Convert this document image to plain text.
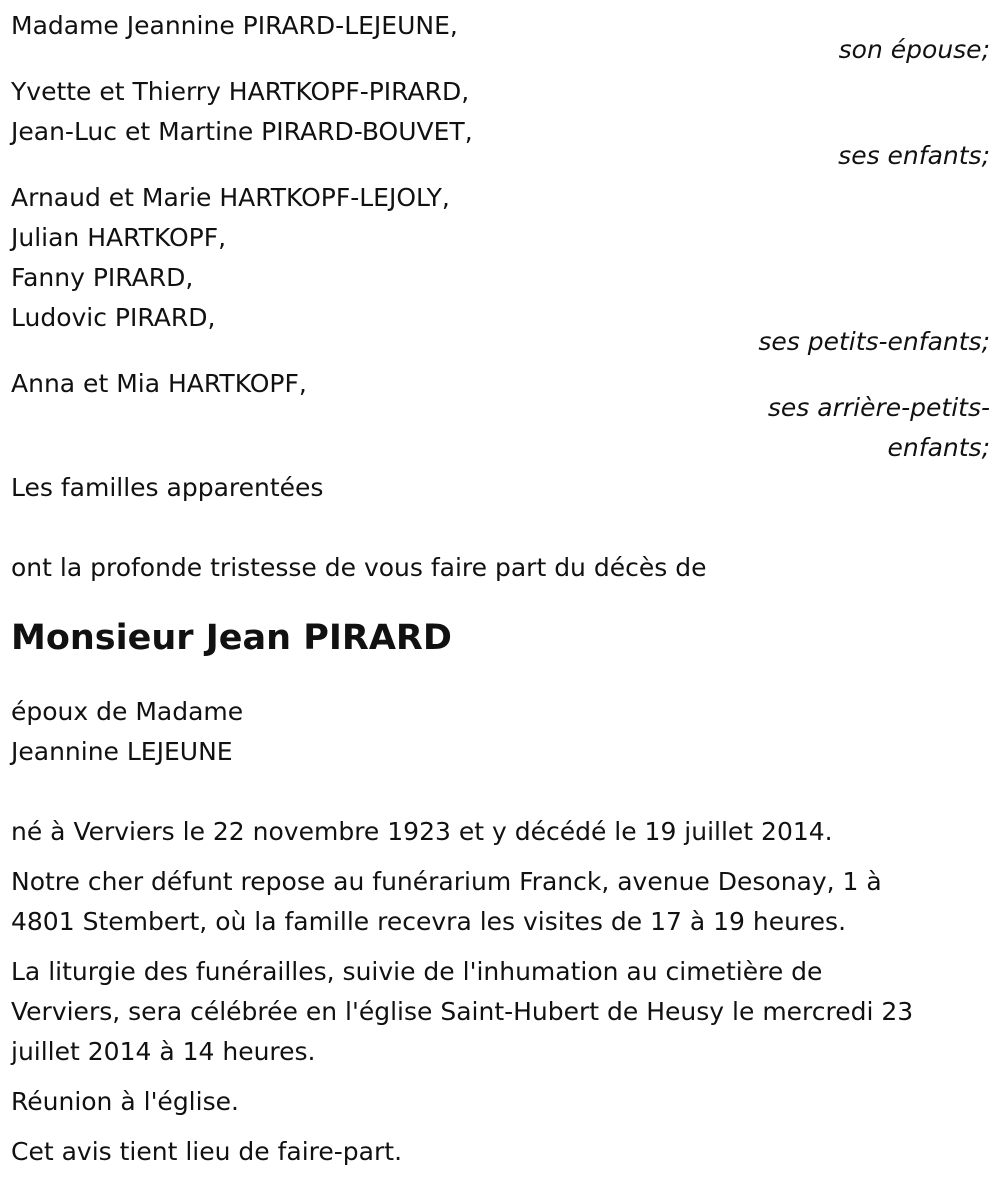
Madame Jeannine PIRARD-LEJEUNE,
son épouse;
Yvette et Thierry HARTKOPF-PIRARD,
Jean-Luc et Martine PIRARD-BOUVET,
ses enfants;
Arnaud et Marie HARTKOPF-LEJOLY,
Julian HARTKOPF,
Fanny PIRARD,
Ludovic PIRARD,
ses petits-enfants;
Anna et Mia HARTKOPF,
ses arrière-petits-
enfants;
Les familles apparentées
ont la profonde tristesse de vous faire part du décès de
Monsieur Jean PIRARD
époux de Madame
Jeannine LEJEUNE
né à Verviers le 22 novembre 1923 et y décédé le 19 juillet 2014.
Notre cher défunt repose au funérarium Franck, avenue Desonay, 1 à
4801 Stembert, où la famille recevra les visites de 17 à 19 heures.
La liturgie des funérailles, suivie de l'inhumation au cimetière de
Verviers, sera célébrée en l'église Saint-Hubert de Heusy le mercredi 23
juillet 2014 à 14 heures.
Réunion à l'église.
Cet avis tient lieu de faire-part.
